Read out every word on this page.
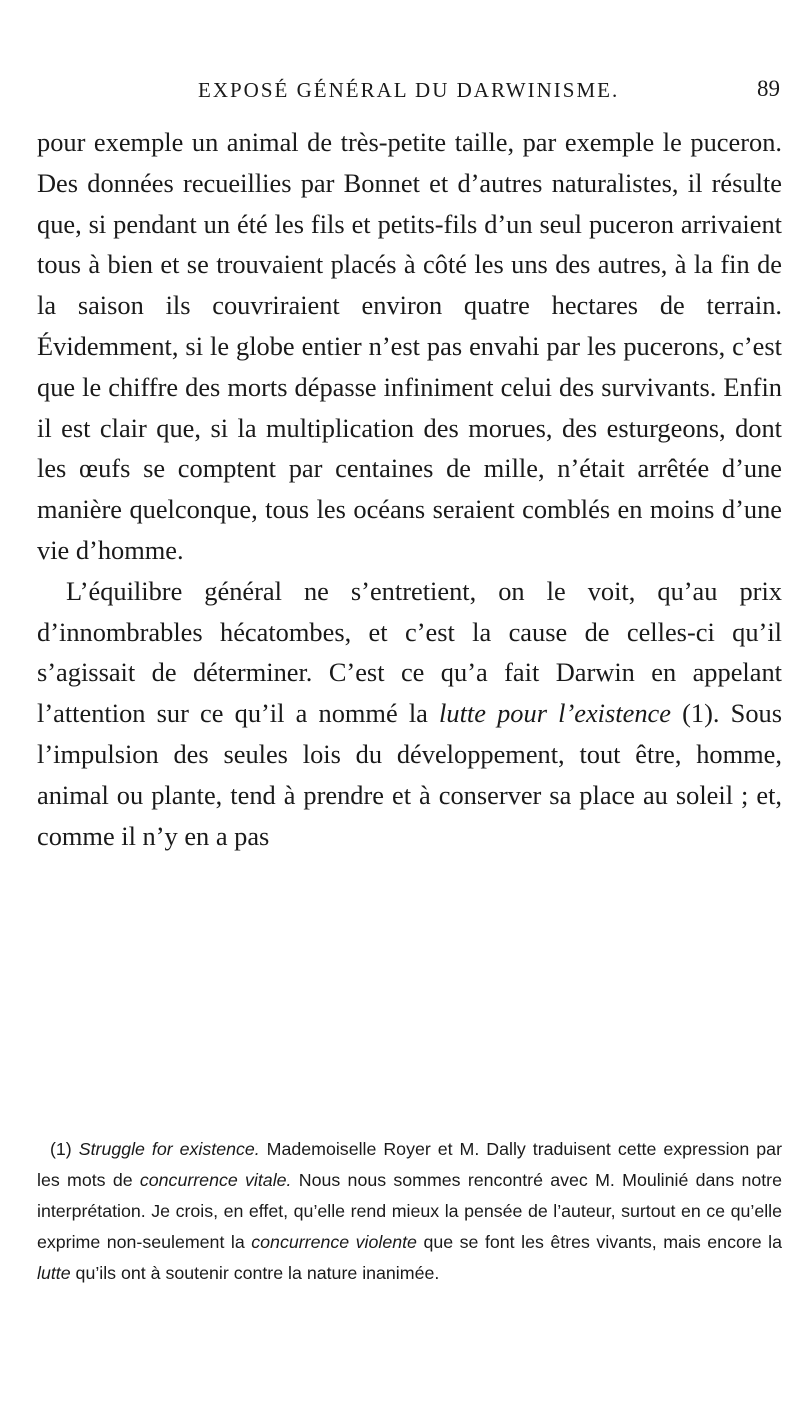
EXPOSÉ GÉNÉRAL DU DARWINISME.	89

pour exemple un animal de très-petite taille, par exemple le puceron. Des données recueillies par Bonnet et d’autres naturalistes, il résulte que, si pendant un été les fils et petits-fils d’un seul puceron arrivaient tous à bien et se trouvaient placés à côté les uns des autres, à la fin de la saison ils couvriraient environ quatre hectares de terrain. Évidemment, si le globe entier n’est pas envahi par les pucerons, c’est que le chiffre des morts dépasse infiniment celui des survivants. Enfin il est clair que, si la multiplication des morues, des esturgeons, dont les œufs se comptent par centaines de mille, n’était arrêtée d’une manière quelconque, tous les océans seraient comblés en moins d’une vie d’homme.

L’équilibre général ne s’entretient, on le voit, qu’au prix d’innombrables hécatombes, et c’est la cause de celles-ci qu’il s’agissait de déterminer. C’est ce qu’a fait Darwin en appelant l’attention sur ce qu’il a nommé la lutte pour l’existence (1). Sous l’impulsion des seules lois du développement, tout être, homme, animal ou plante, tend à prendre et à conserver sa place au soleil ; et, comme il n’y en a pas

(1) Struggle for existence. Mademoiselle Royer et M. Dally traduisent cette expression par les mots de concurrence vitale. Nous nous sommes rencontré avec M. Moulinié dans notre interprétation. Je crois, en effet, qu’elle rend mieux la pensée de l’auteur, surtout en ce qu’elle exprime non-seulement la concurrence violente que se font les êtres vivants, mais encore la lutte qu’ils ont à soutenir contre la nature inanimée.
